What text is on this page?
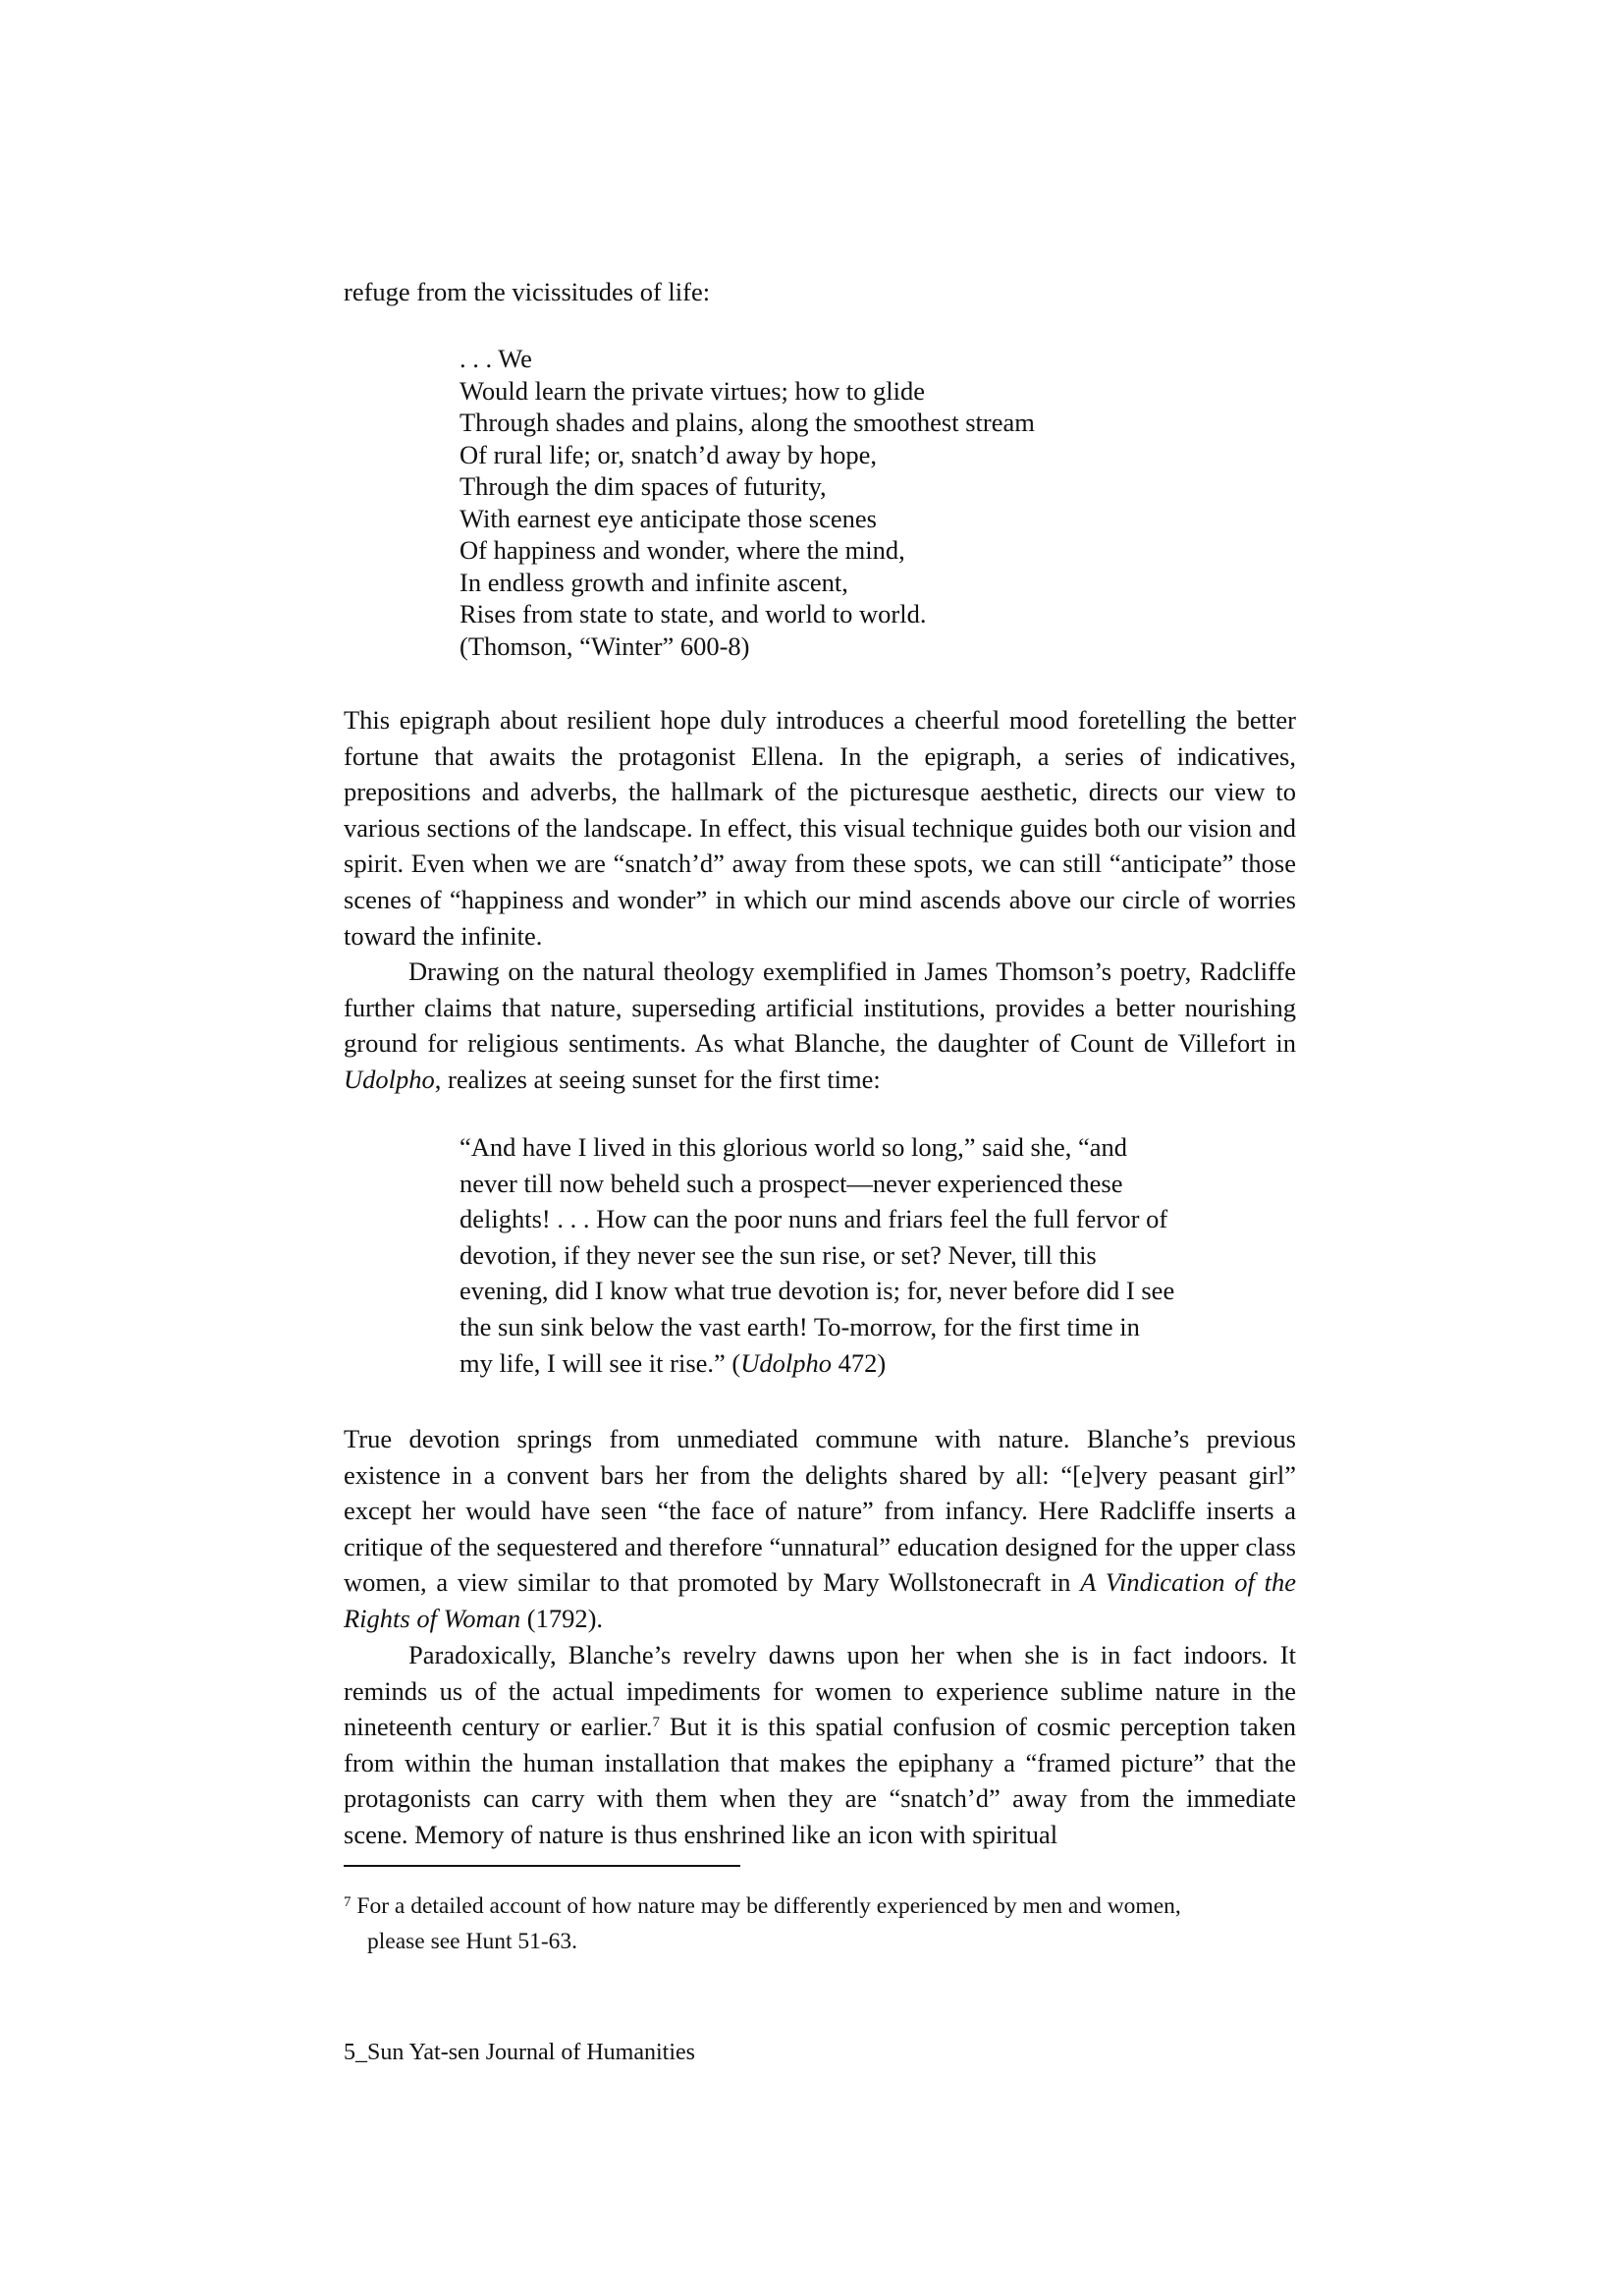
refuge from the vicissitudes of life:

. . . We
Would learn the private virtues; how to glide
Through shades and plains, along the smoothest stream
Of rural life; or, snatch’d away by hope,
Through the dim spaces of futurity,
With earnest eye anticipate those scenes
Of happiness and wonder, where the mind,
In endless growth and infinite ascent,
Rises from state to state, and world to world.
(Thomson, “Winter” 600-8)

This epigraph about resilient hope duly introduces a cheerful mood foretelling the better fortune that awaits the protagonist Ellena. In the epigraph, a series of indicatives, prepositions and adverbs, the hallmark of the picturesque aesthetic, directs our view to various sections of the landscape. In effect, this visual technique guides both our vision and spirit. Even when we are “snatch’d” away from these spots, we can still “anticipate” those scenes of “happiness and wonder” in which our mind ascends above our circle of worries toward the infinite.

Drawing on the natural theology exemplified in James Thomson’s poetry, Radcliffe further claims that nature, superseding artificial institutions, provides a better nourishing ground for religious sentiments. As what Blanche, the daughter of Count de Villefort in Udolpho, realizes at seeing sunset for the first time:

“And have I lived in this glorious world so long,” said she, “and
never till now beheld such a prospect—never experienced these
delights! . . . How can the poor nuns and friars feel the full fervor of
devotion, if they never see the sun rise, or set? Never, till this
evening, did I know what true devotion is; for, never before did I see
the sun sink below the vast earth! To-morrow, for the first time in
my life, I will see it rise.” (Udolpho 472)

True devotion springs from unmediated commune with nature. Blanche’s previous existence in a convent bars her from the delights shared by all: “[e]very peasant girl” except her would have seen “the face of nature” from infancy. Here Radcliffe inserts a critique of the sequestered and therefore “unnatural” education designed for the upper class women, a view similar to that promoted by Mary Wollstonecraft in A Vindication of the Rights of Woman (1792).

Paradoxically, Blanche’s revelry dawns upon her when she is in fact indoors. It reminds us of the actual impediments for women to experience sublime nature in the nineteenth century or earlier.$^7$ But it is this spatial confusion of cosmic perception taken from within the human installation that makes the epiphany a “framed picture” that the protagonists can carry with them when they are “snatch’d” away from the immediate scene. Memory of nature is thus enshrined like an icon with spiritual

$^7$ For a detailed account of how nature may be differently experienced by men and women,
please see Hunt 51-63.

5_Sun Yat-sen Journal of Humanities
